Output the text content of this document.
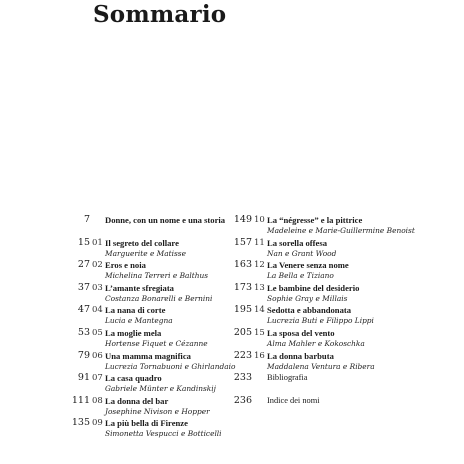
Sommario
7 Donne, con un nome e una storia
15 01 Il segreto del collare
Marguerite e Matisse
27 02 Eros e noia
Michelina Terreri e Balthus
37 03 L’amante sfregiata
Costanza Bonarelli e Bernini
47 04 La nana di corte
Lucia e Mantegna
53 05 La moglie mela
Hortense Fiquet e Cézanne
79 06 Una mamma magnifica
Lucrezia Tornabuoni e Ghirlandaio
91 07 La casa quadro
Gabriele Münter e Kandinskij
111 08 La donna del bar
Josephine Nivison e Hopper
135 09 La più bella di Firenze
Simonetta Vespucci e Botticelli
149 10 La “négresse” e la pittrice
Madeleine e Marie-Guillermine Benoist
157 11 La sorella offesa
Nan e Grant Wood
163 12 La Venere senza nome
La Bella e Tiziano
173 13 Le bambine del desiderio
Sophie Gray e Millais
195 14 Sedotta e abbandonata
Lucrezia Buti e Filippo Lippi
205 15 La sposa del vento
Alma Mahler e Kokoschka
223 16 La donna barbuta
Maddalena Ventura e Ribera
233 Bibliografia
236 Indice dei nomi
